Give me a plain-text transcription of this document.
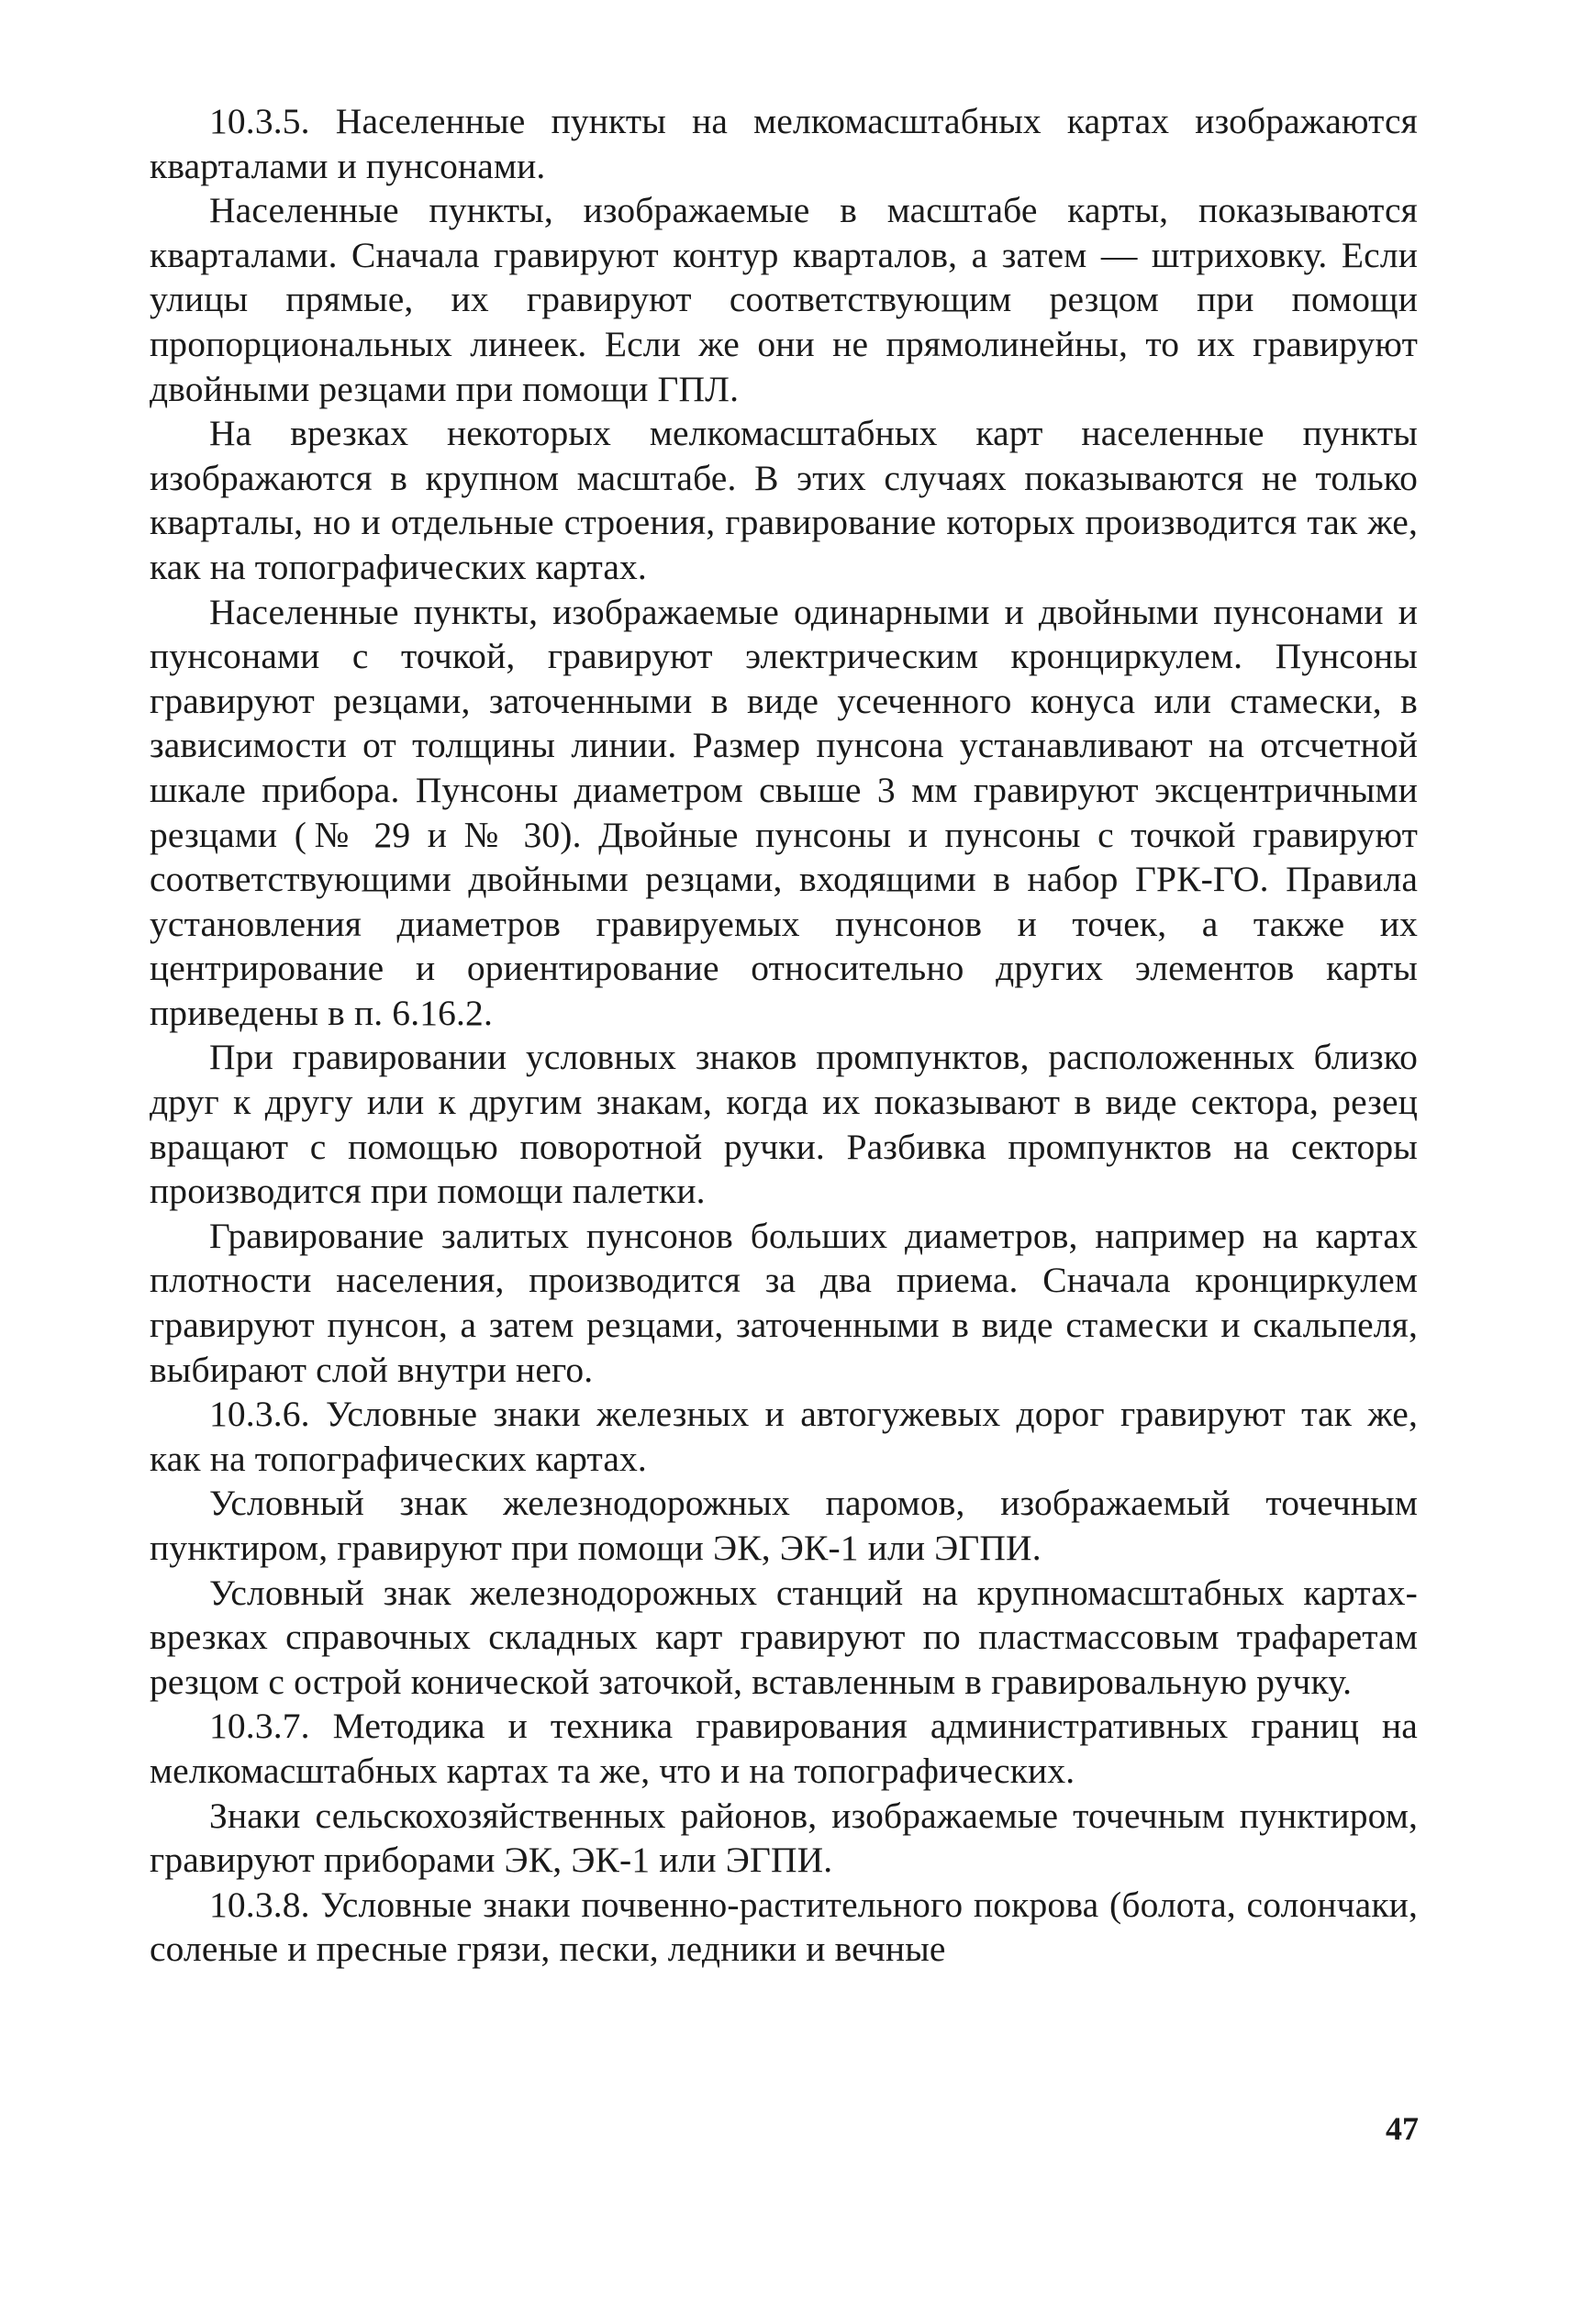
10.3.5. Населенные пункты на мелкомасштабных картах изображаются кварталами и пунсонами.

Населенные пункты, изображаемые в масштабе карты, показываются кварталами. Сначала гравируют контур кварталов, а затем — штриховку. Если улицы прямые, их гравируют соответствующим резцом при помощи пропорциональных линеек. Если же они не прямолинейны, то их гравируют двойными резцами при помощи ГПЛ.

На врезках некоторых мелкомасштабных карт населенные пункты изображаются в крупном масштабе. В этих случаях показываются не только кварталы, но и отдельные строения, гравирование которых производится так же, как на топографических картах.

Населенные пункты, изображаемые одинарными и двойными пунсонами и пунсонами с точкой, гравируют электрическим кронциркулем. Пунсоны гравируют резцами, заточенными в виде усеченного конуса или стамески, в зависимости от толщины линии. Размер пунсона устанавливают на отсчетной шкале прибора. Пунсоны диаметром свыше 3 мм гравируют эксцентричными резцами (№ 29 и № 30). Двойные пунсоны и пунсоны с точкой гравируют соответствующими двойными резцами, входящими в набор ГРК-ГО. Правила установления диаметров гравируемых пунсонов и точек, а также их центрирование и ориентирование относительно других элементов карты приведены в п. 6.16.2.

При гравировании условных знаков промпунктов, расположенных близко друг к другу или к другим знакам, когда их показывают в виде сектора, резец вращают с помощью поворотной ручки. Разбивка промпунктов на секторы производится при помощи палетки.

Гравирование залитых пунсонов больших диаметров, например на картах плотности населения, производится за два приема. Сначала кронциркулем гравируют пунсон, а затем резцами, заточенными в виде стамески и скальпеля, выбирают слой внутри него.

10.3.6. Условные знаки железных и автогужевых дорог гравируют так же, как на топографических картах.

Условный знак железнодорожных паромов, изображаемый точечным пунктиром, гравируют при помощи ЭК, ЭК-1 или ЭГПИ.

Условный знак железнодорожных станций на крупномасштабных картах-врезках справочных складных карт гравируют по пластмассовым трафаретам резцом с острой конической заточкой, вставленным в гравировальную ручку.

10.3.7. Методика и техника гравирования административных границ на мелкомасштабных картах та же, что и на топографических.

Знаки сельскохозяйственных районов, изображаемые точечным пунктиром, гравируют приборами ЭК, ЭК-1 или ЭГПИ.

10.3.8. Условные знаки почвенно-растительного покрова (болота, солончаки, соленые и пресные грязи, пески, ледники и вечные

47
